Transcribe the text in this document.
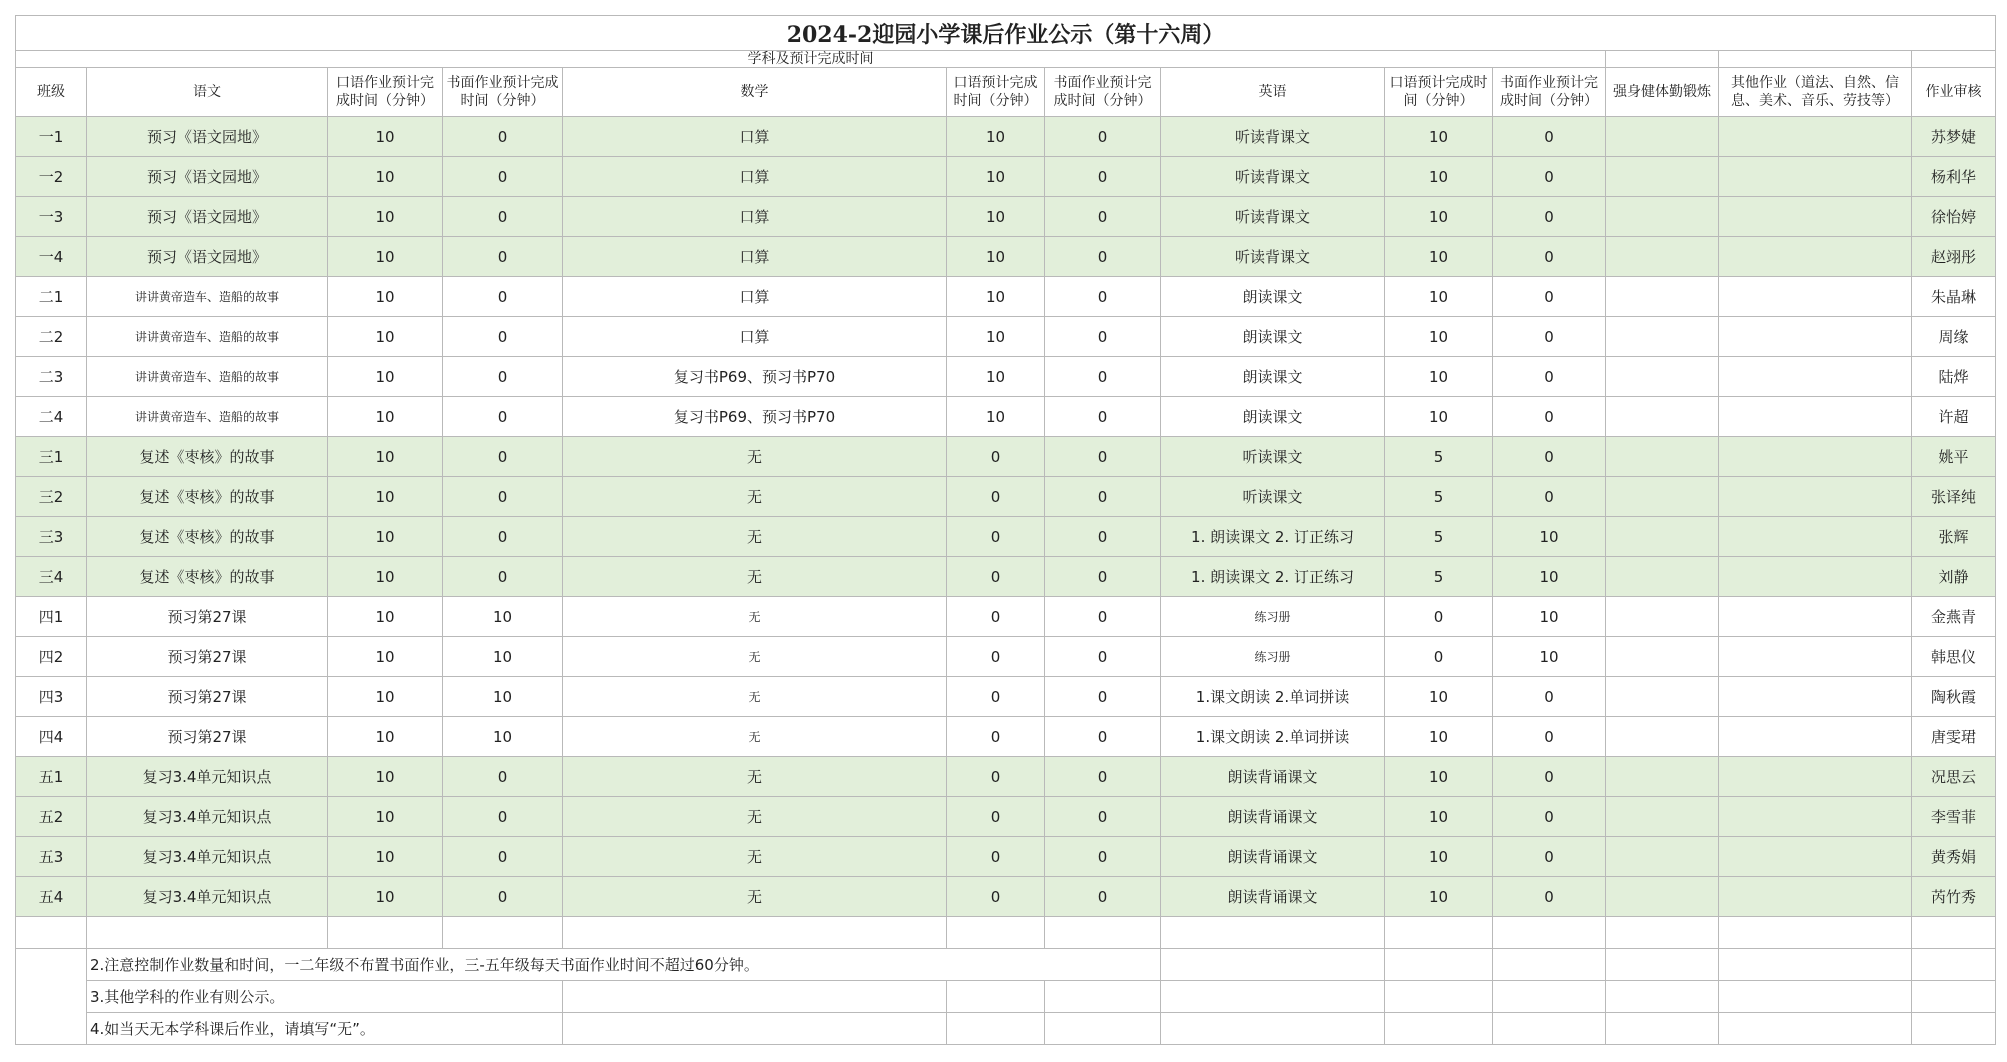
2024-2迎园小学课后作业公示（第十六周）												
学科及预计完成时间												
班级	语文	口语作业预计完成时间（分钟）	书面作业预计完成时间（分钟）	数学	口语预计完成时间（分钟）	书面作业预计完成时间（分钟）	英语	口语预计完成时间（分钟）	书面作业预计完成时间（分钟）	强身健体勤锻炼	其他作业（道法、自然、信息、美术、音乐、劳技等）	作业审核
一1	预习《语文园地》	10	0	口算	10	0	听读背课文	10	0			苏梦婕
一2	预习《语文园地》	10	0	口算	10	0	听读背课文	10	0			杨利华
一3	预习《语文园地》	10	0	口算	10	0	听读背课文	10	0			徐怡婷
一4	预习《语文园地》	10	0	口算	10	0	听读背课文	10	0			赵翊彤
二1	讲讲黄帝造车、造船的故事	10	0	口算	10	0	朗读课文	10	0			朱晶琳
二2	讲讲黄帝造车、造船的故事	10	0	口算	10	0	朗读课文	10	0			周缘
二3	讲讲黄帝造车、造船的故事	10	0	复习书P69、预习书P70	10	0	朗读课文	10	0			陆烨
二4	讲讲黄帝造车、造船的故事	10	0	复习书P69、预习书P70	10	0	朗读课文	10	0			许超
三1	复述《枣核》的故事	10	0	无	0	0	听读课文	5	0			姚平
三2	复述《枣核》的故事	10	0	无	0	0	听读课文	5	0			张译纯
三3	复述《枣核》的故事	10	0	无	0	0	1. 朗读课文 2. 订正练习	5	10			张辉
三4	复述《枣核》的故事	10	0	无	0	0	1. 朗读课文 2. 订正练习	5	10			刘静
四1	预习第27课	10	10	无	0	0	练习册	0	10			金燕青
四2	预习第27课	10	10	无	0	0	练习册	0	10			韩思仪
四3	预习第27课	10	10	无	0	0	1.课文朗读 2.单词拼读	10	0			陶秋霞
四4	预习第27课	10	10	无	0	0	1.课文朗读 2.单词拼读	10	0			唐雯珺
五1	复习3.4单元知识点	10	0	无	0	0	朗读背诵课文	10	0			况思云
五2	复习3.4单元知识点	10	0	无	0	0	朗读背诵课文	10	0			李雪菲
五3	复习3.4单元知识点	10	0	无	0	0	朗读背诵课文	10	0			黄秀娟
五4	复习3.4单元知识点	10	0	无	0	0	朗读背诵课文	10	0			芮竹秀

	2.注意控制作业数量和时间，一二年级不布置书面作业，三-五年级每天书面作业时间不超过60分钟。											
	3.其他学科的作业有则公示。											
	4.如当天无本学科课后作业，请填写“无”。											
